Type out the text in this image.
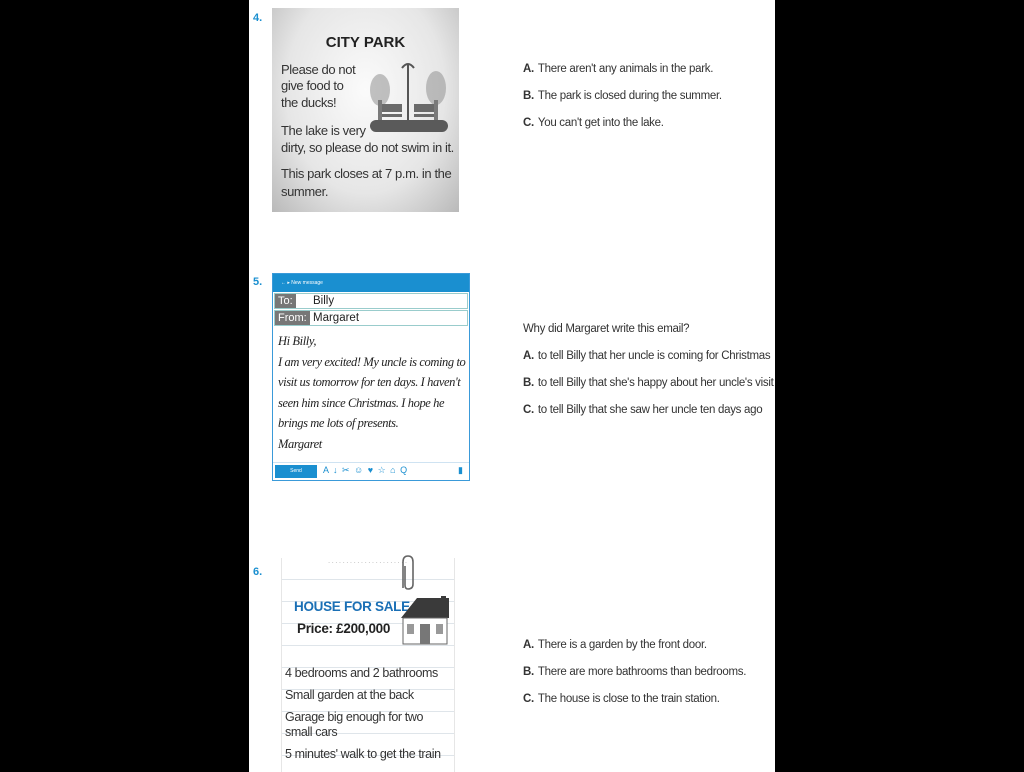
4.
CITY PARK
Please do not
give food to
the ducks!
The lake is very
dirty, so please do not swim in it.
This park closes at 7 p.m. in the
summer.
A. There aren't any animals in the park.
B. The park is closed during the summer.
C. You can't get into the lake.
5.	← ▸ New message
To: Billy
From: Margaret
Hi Billy,
I am very excited! My uncle is coming to
visit us tomorrow for ten days. I haven't
seen him since Christmas. I hope he
brings me lots of presents.
Margaret
Send	A ↓ ✂ ☺ ♥ ☆ ⌂ Q	▮
Why did Margaret write this email?
A. to tell Billy that her uncle is coming for Christmas
B. to tell Billy that she's happy about her uncle's visit
C. to tell Billy that she saw her uncle ten days ago
6.
······················
HOUSE FOR SALE
Price: £200,000
4 bedrooms and 2 bathrooms
Small garden at the back
Garage big enough for two
small cars
5 minutes' walk to get the train
A. There is a garden by the front door.
B. There are more bathrooms than bedrooms.
C. The house is close to the train station.
